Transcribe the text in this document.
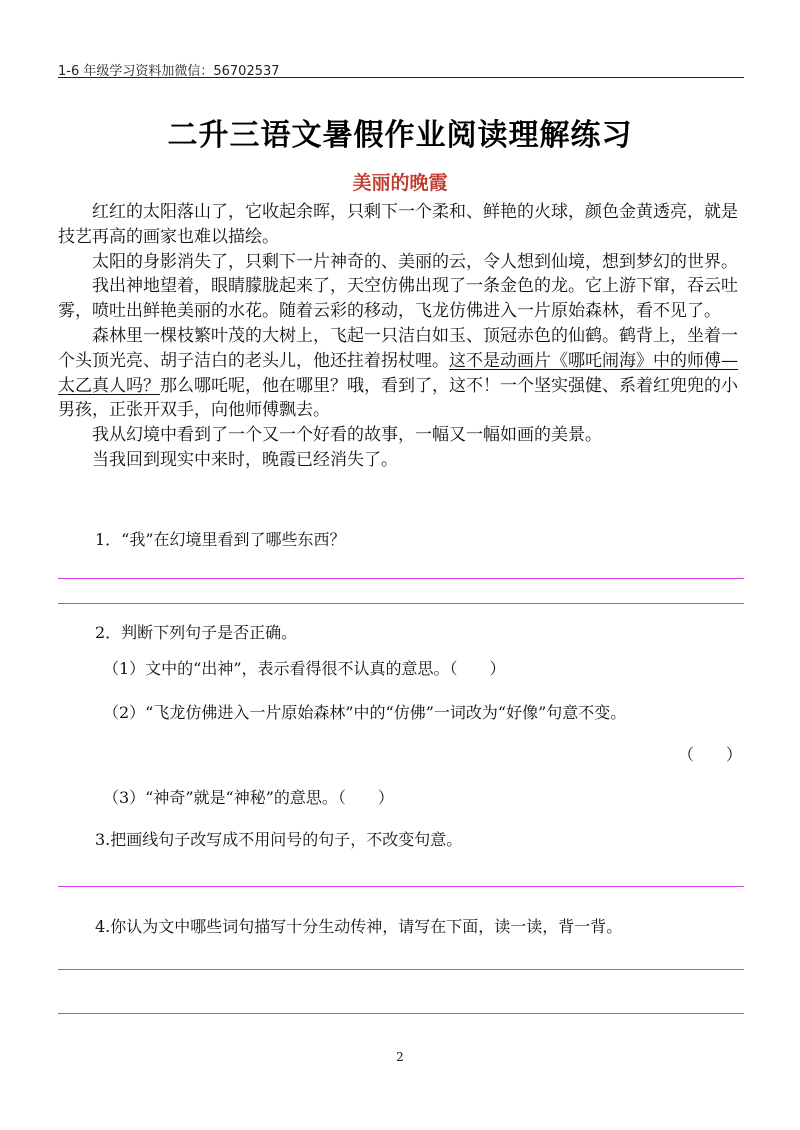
1-6 年级学习资料加微信：56702537
二升三语文暑假作业阅读理解练习
美丽的晚霞

红红的太阳落山了，它收起余晖，只剩下一个柔和、鲜艳的火球，颜色金黄透亮，就是技艺再高的画家也难以描绘。

太阳的身影消失了，只剩下一片神奇的、美丽的云，令人想到仙境，想到梦幻的世界。

我出神地望着，眼睛朦胧起来了，天空仿佛出现了一条金色的龙。它上游下窜，吞云吐雾，喷吐出鲜艳美丽的水花。随着云彩的移动，飞龙仿佛进入一片原始森林，看不见了。

森林里一棵枝繁叶茂的大树上，飞起一只洁白如玉、顶冠赤色的仙鹤。鹤背上，坐着一个头顶光亮、胡子洁白的老头儿，他还拄着拐杖哩。这不是动画片《哪吒闹海》中的师傅—太乙真人吗？那么哪吒呢，他在哪里？哦，看到了，这不！一个坚实强健、系着红兜兜的小男孩，正张开双手，向他师傅飘去。

我从幻境中看到了一个又一个好看的故事，一幅又一幅如画的美景。

当我回到现实中来时，晚霞已经消失了。

1．“我”在幻境里看到了哪些东西？
2．判断下列句子是否正确。
（1）文中的“出神”，表示看得很不认真的意思。（　　）
（2）“飞龙仿佛进入一片原始森林”中的“仿佛”一词改为“好像”句意不变。
（　　）
（3）“神奇”就是“神秘”的意思。（　　）
3.把画线句子改写成不用问号的句子，不改变句意。
4.你认为文中哪些词句描写十分生动传神，请写在下面，读一读，背一背。
2
